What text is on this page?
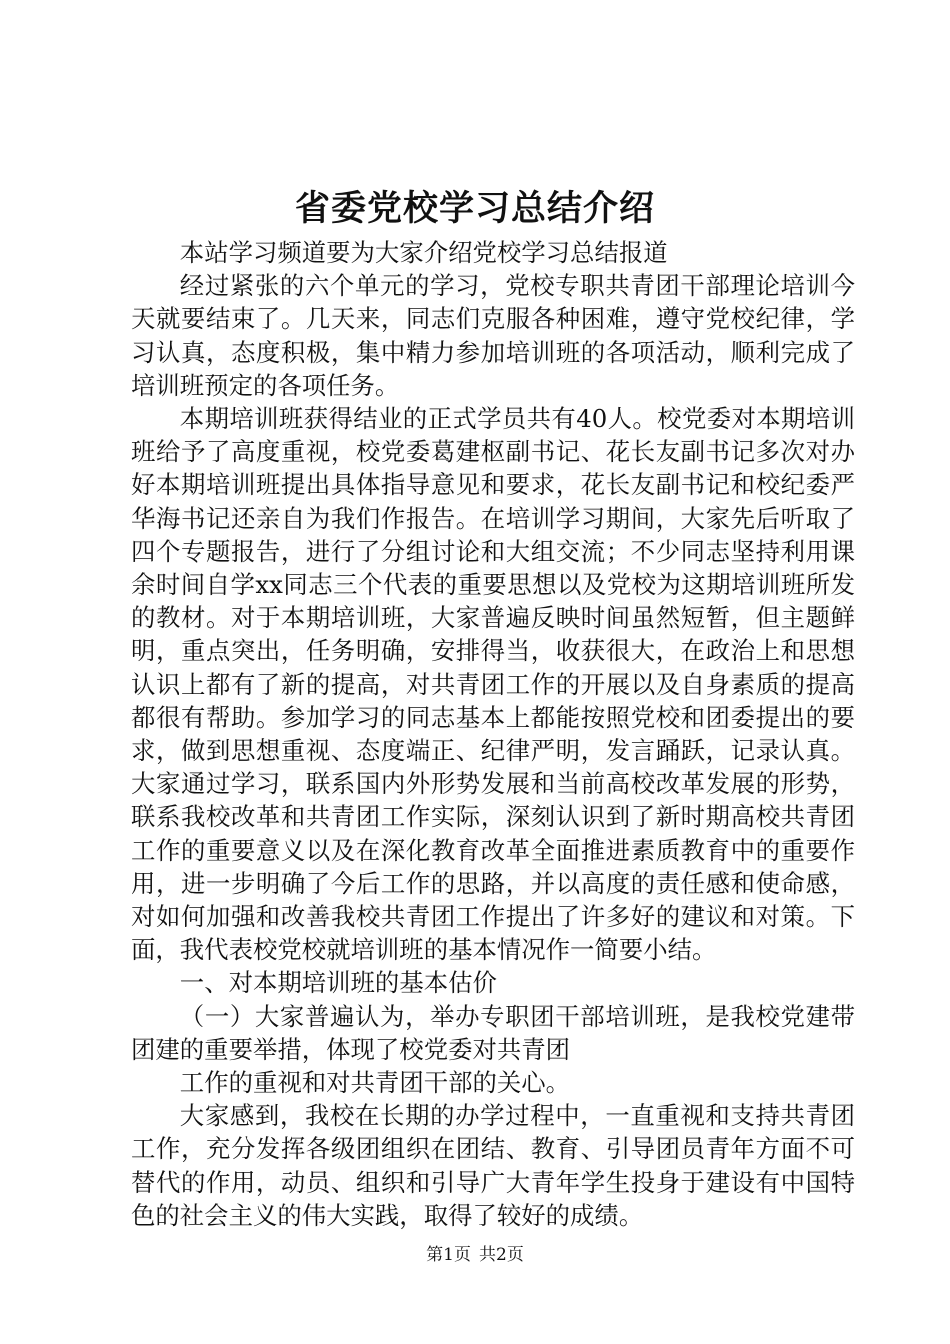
省委党校学习总结介绍

本站学习频道要为大家介绍党校学习总结报道

经过紧张的六个单元的学习，党校专职共青团干部理论培训今天就要结束了。几天来，同志们克服各种困难，遵守党校纪律，学习认真，态度积极，集中精力参加培训班的各项活动，顺利完成了培训班预定的各项任务。

本期培训班获得结业的正式学员共有40人。校党委对本期培训班给予了高度重视，校党委葛建枢副书记、花长友副书记多次对办好本期培训班提出具体指导意见和要求，花长友副书记和校纪委严华海书记还亲自为我们作报告。在培训学习期间，大家先后听取了四个专题报告，进行了分组讨论和大组交流；不少同志坚持利用课余时间自学xx同志三个代表的重要思想以及党校为这期培训班所发的教材。对于本期培训班，大家普遍反映时间虽然短暂，但主题鲜明，重点突出，任务明确，安排得当，收获很大，在政治上和思想认识上都有了新的提高，对共青团工作的开展以及自身素质的提高都很有帮助。参加学习的同志基本上都能按照党校和团委提出的要求，做到思想重视、态度端正、纪律严明，发言踊跃，记录认真。大家通过学习，联系国内外形势发展和当前高校改革发展的形势，联系我校改革和共青团工作实际，深刻认识到了新时期高校共青团工作的重要意义以及在深化教育改革全面推进素质教育中的重要作用，进一步明确了今后工作的思路，并以高度的责任感和使命感，对如何加强和改善我校共青团工作提出了许多好的建议和对策。下面，我代表校党校就培训班的基本情况作一简要小结。

一、对本期培训班的基本估价

（一）大家普遍认为，举办专职团干部培训班，是我校党建带团建的重要举措，体现了校党委对共青团

工作的重视和对共青团干部的关心。

大家感到，我校在长期的办学过程中，一直重视和支持共青团工作，充分发挥各级团组织在团结、教育、引导团员青年方面不可替代的作用，动员、组织和引导广大青年学生投身于建设有中国特色的社会主义的伟大实践，取得了较好的成绩。

第1页 共2页
